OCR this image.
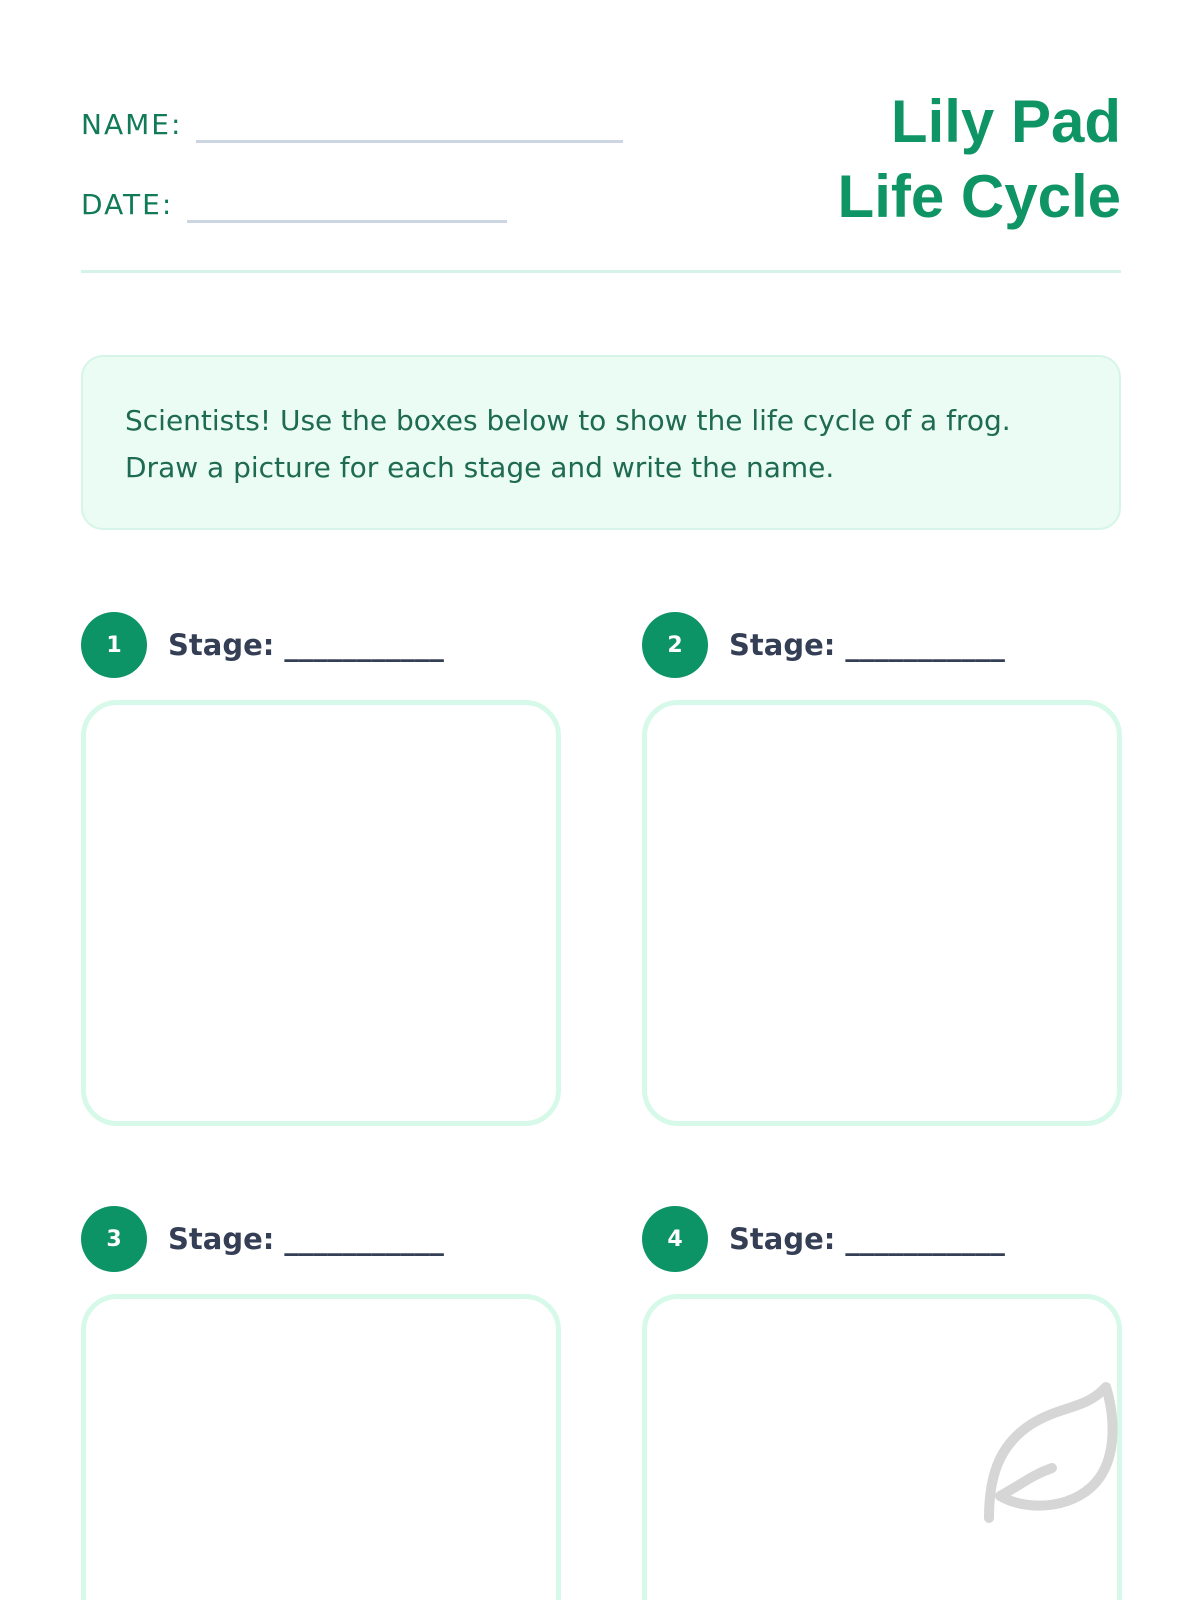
NAME:
DATE:
Lily Pad
Life Cycle

Scientists! Use the boxes below to show the life cycle of a frog.

Draw a picture for each stage and write the name.

1	Stage: ___________	2	Stage: ___________
3	Stage: ___________	4	Stage: ___________
